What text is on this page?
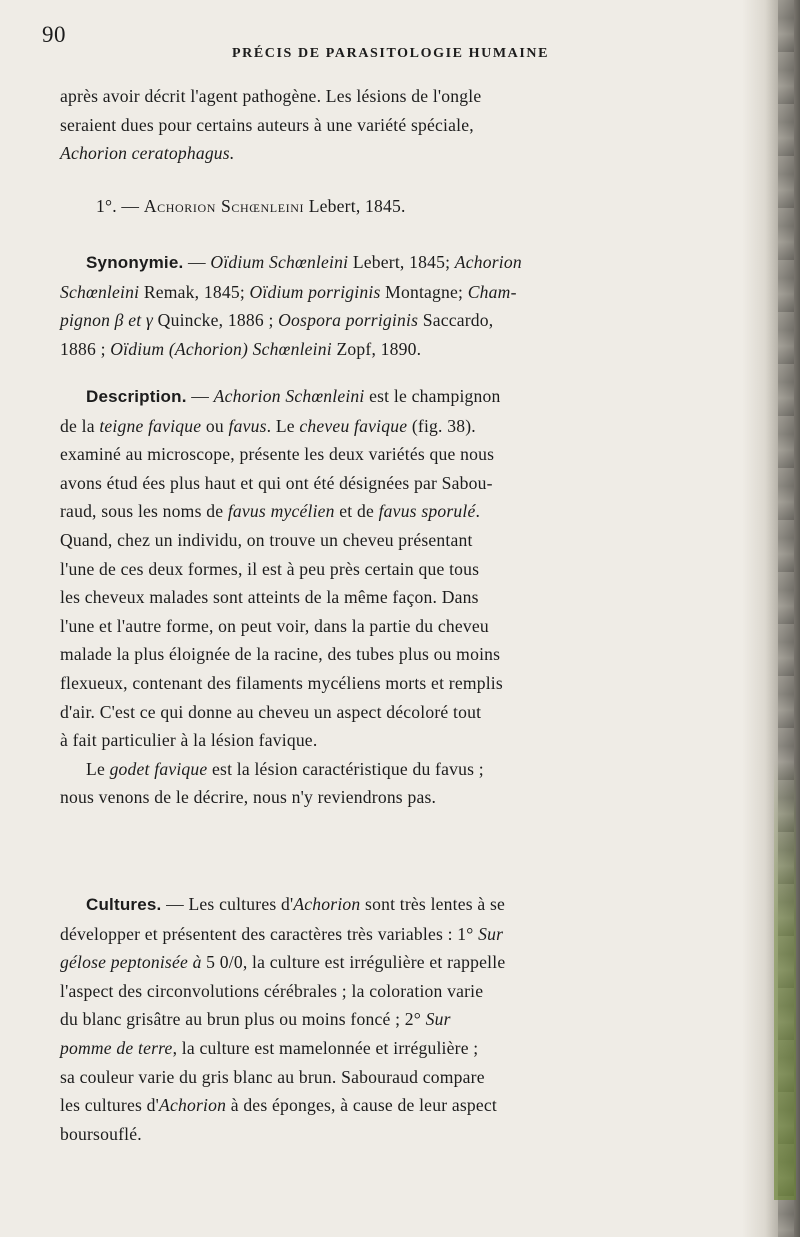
90
PRÉCIS DE PARASITOLOGIE HUMAINE

après avoir décrit l'agent pathogène. Les lésions de l'ongle
seraient dues pour certains auteurs à une variété spéciale,
Achorion ceratophagus.

1°. — Achorion Schœnleini Lebert, 1845.

Synonymie. — Oïdium Schœnleini Lebert, 1845; Achorion
Schœnleini Remak, 1845; Oïdium porriginis Montagne; Cham-
pignon β et γ Quincke, 1886 ; Oospora porriginis Saccardo,
1886 ; Oïdium (Achorion) Schœnleini Zopf, 1890.

Description. — Achorion Schœnleini est le champignon
de la teigne favique ou favus. Le cheveu favique (fig. 38).
examiné au microscope, présente les deux variétés que nous
avons étud ées plus haut et qui ont été désignées par Sabou-
raud, sous les noms de favus mycélien et de favus sporulé.
Quand, chez un individu, on trouve un cheveu présentant
l'une de ces deux formes, il est à peu près certain que tous
les cheveux malades sont atteints de la même façon. Dans
l'une et l'autre forme, on peut voir, dans la partie du cheveu
malade la plus éloignée de la racine, des tubes plus ou moins
flexueux, contenant des filaments mycéliens morts et remplis
d'air. C'est ce qui donne au cheveu un aspect décoloré tout
à fait particulier à la lésion favique.
Le godet favique est la lésion caractéristique du favus ;
nous venons de le décrire, nous n'y reviendrons pas.

Cultures. — Les cultures d'Achorion sont très lentes à se
développer et présentent des caractères très variables : 1° Sur
gélose peptonisée à 5 0/0, la culture est irrégulière et rappelle
l'aspect des circonvolutions cérébrales ; la coloration varie
du blanc grisâtre au brun plus ou moins foncé ; 2° Sur
pomme de terre, la culture est mamelonnée et irrégulière ;
sa couleur varie du gris blanc au brun. Sabouraud compare
les cultures d'Achorion à des éponges, à cause de leur aspect
boursouflé.
